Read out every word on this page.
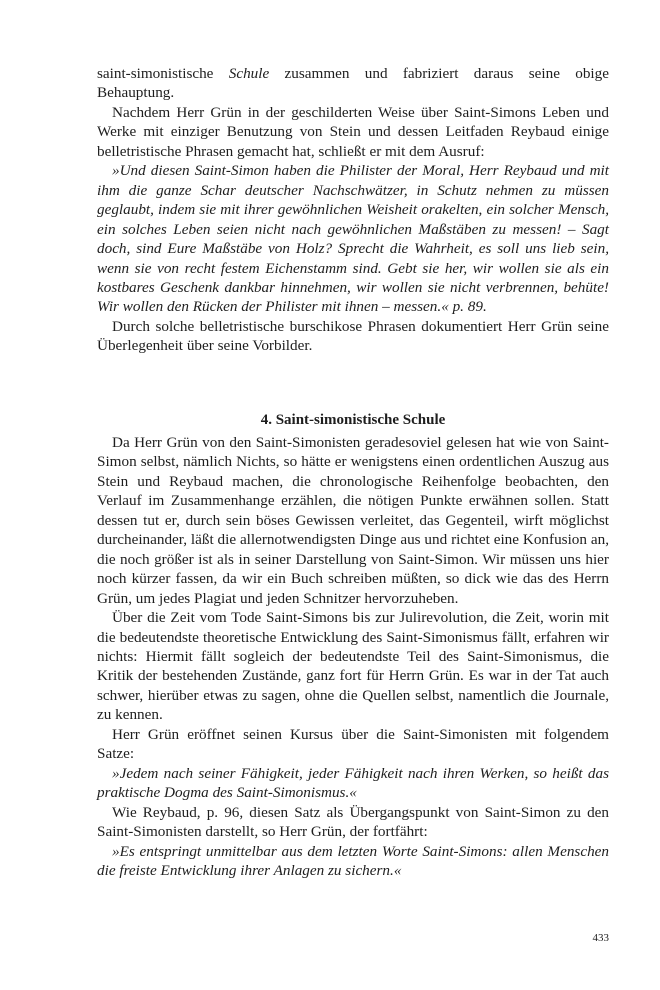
saint-simonistische Schule zusammen und fabriziert daraus seine obige Behauptung.

Nachdem Herr Grün in der geschilderten Weise über Saint-Simons Leben und Werke mit einziger Benutzung von Stein und dessen Leitfaden Reybaud einige belletristische Phrasen gemacht hat, schließt er mit dem Ausruf:

»Und diesen Saint-Simon haben die Philister der Moral, Herr Reybaud und mit ihm die ganze Schar deutscher Nachschwätzer, in Schutz nehmen zu müssen geglaubt, indem sie mit ihrer gewöhnlichen Weisheit orakelten, ein solcher Mensch, ein solches Leben seien nicht nach gewöhnlichen Maßstäben zu messen! – Sagt doch, sind Eure Maßstäbe von Holz? Sprecht die Wahrheit, es soll uns lieb sein, wenn sie von recht festem Eichenstamm sind. Gebt sie her, wir wollen sie als ein kostbares Geschenk dankbar hinnehmen, wir wollen sie nicht verbrennen, behüte! Wir wollen den Rücken der Philister mit ihnen – messen.« p. 89.

Durch solche belletristische burschikose Phrasen dokumentiert Herr Grün seine Überlegenheit über seine Vorbilder.

4. Saint-simonistische Schule

Da Herr Grün von den Saint-Simonisten geradesoviel gelesen hat wie von Saint-Simon selbst, nämlich Nichts, so hätte er wenigstens einen ordentlichen Auszug aus Stein und Reybaud machen, die chronologische Reihenfolge beobachten, den Verlauf im Zusammenhange erzählen, die nötigen Punkte erwähnen sollen. Statt dessen tut er, durch sein böses Gewissen verleitet, das Gegenteil, wirft möglichst durcheinander, läßt die allernotwendigsten Dinge aus und richtet eine Konfusion an, die noch größer ist als in seiner Darstellung von Saint-Simon. Wir müssen uns hier noch kürzer fassen, da wir ein Buch schreiben müßten, so dick wie das des Herrn Grün, um jedes Plagiat und jeden Schnitzer hervorzuheben.

Über die Zeit vom Tode Saint-Simons bis zur Julirevolution, die Zeit, worin mit die bedeutendste theoretische Entwicklung des Saint-Simonismus fällt, erfahren wir nichts: Hiermit fällt sogleich der bedeutendste Teil des Saint-Simonismus, die Kritik der bestehenden Zustände, ganz fort für Herrn Grün. Es war in der Tat auch schwer, hierüber etwas zu sagen, ohne die Quellen selbst, namentlich die Journale, zu kennen.

Herr Grün eröffnet seinen Kursus über die Saint-Simonisten mit folgendem Satze:

»Jedem nach seiner Fähigkeit, jeder Fähigkeit nach ihren Werken, so heißt das praktische Dogma des Saint-Simonismus.«

Wie Reybaud, p. 96, diesen Satz als Übergangspunkt von Saint-Simon zu den Saint-Simonisten darstellt, so Herr Grün, der fortfährt:

»Es entspringt unmittelbar aus dem letzten Worte Saint-Simons: allen Menschen die freiste Entwicklung ihrer Anlagen zu sichern.«

433
